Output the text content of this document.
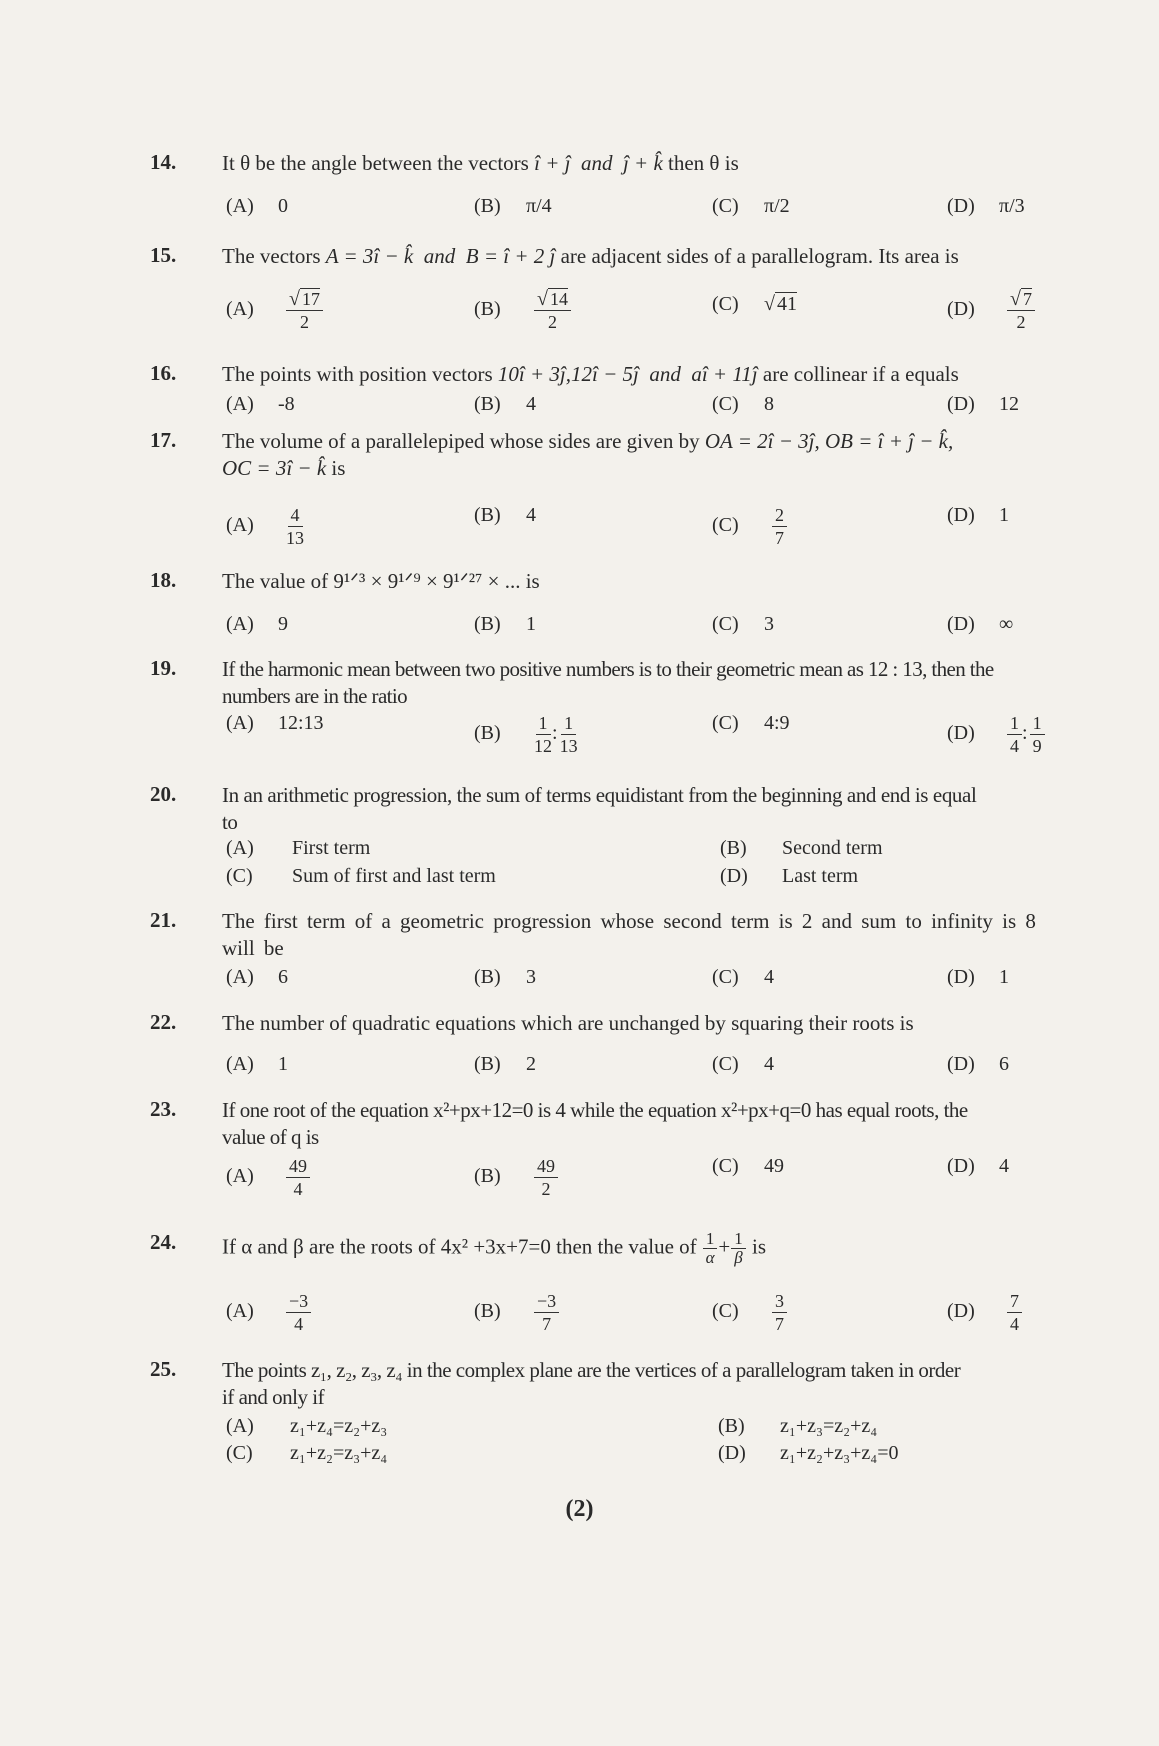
14. It θ be the angle between the vectors î + ĵ and ĵ + k̂ then θ is
(A) 0	(B) π/4	(C) π/2	(D) π/3
15. The vectors A = 3î − k̂ and B = î + 2 ĵ are adjacent sides of a parallelogram. Its area is
$(A) \frac{√ 17}{2}$	$(B) \frac{√ 14}{2}$	(C) √ 41	$(D) \frac{√ 7}{2}$
16. The points with position vectors 10î + 3ĵ,12î − 5ĵ and aî + 11ĵ are collinear if a equals
(A) -8	(B) 4	(C) 8	(D) 12
17. The volume of a parallelepiped whose sides are given by OA = 2î − 3ĵ, OB = î + ĵ − k̂,
OC = 3î − k̂ is
$(A) \frac{4}{13}$	(B) 4	$(C) \frac{2}{7}$	(D) 1
18. The value of 9¹ᐟ³ × 9¹ᐟ⁹ × 9¹ᐟ²⁷ × ... is
(A) 9	(B) 1	(C) 3	(D) ∞
19. If the harmonic mean between two positive numbers is to their geometric mean as 12 : 13, then the
numbers are in the ratio
(A) 12:13	$(B) \frac{1}{12}$ : $\frac{1}{13}$	(C) 4:9	$(D) \frac{1}{4}$ : $\frac{1}{9}$
20. In an arithmetic progression, the sum of terms equidistant from the beginning and end is equal
to
(A) First term	(B) Second term
(C) Sum of first and last term	(D) Last term
21. The first term of a geometric progression whose second term is 2 and sum to infinity is 8
will be
(A) 6	(B) 3	(C) 4	(D) 1
22. The number of quadratic equations which are unchanged by squaring their roots is
(A) 1	(B) 2	(C) 4	(D) 6
23. If one root of the equation x²+px+12=0 is 4 while the equation x²+px+q=0 has equal roots, the
value of q is
$(A) \frac{49}{4}$	$(B) \frac{49}{2}$	(C) 49	(D) 4
24. If α and β are the roots of 4x² +3x+7=0 then the value of $\frac{1}{\alpha} + \frac{1}{\beta}$ is
$(A) \frac{-3}{4}$	$(B) \frac{-3}{7}$	$(C) \frac{3}{7}$	$(D) \frac{7}{4}$
25. The points z₁, z₂, z₃, z₄ in the complex plane are the vertices of a parallelogram taken in order
if and only if
(A) z₁+z₄=z₂+z₃	(B) z₁+z₃=z₂+z₄
(C) z₁+z₂=z₃+z₄	(D) z₁+z₂+z₃+z₄=0
(2)
